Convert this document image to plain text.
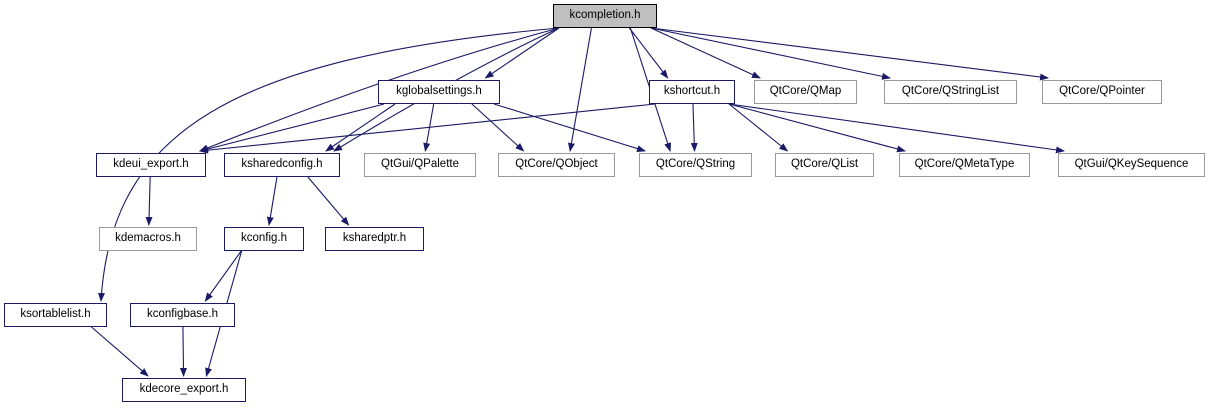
kcompletion.h
kglobalsettings.h	kshortcut.h	QtCore/QMap	QtCore/QStringList	QtCore/QPointer
kdeui_export.h	ksharedconfig.h	QtGui/QPalette	QtCore/QObject	QtCore/QString	QtCore/QList	QtCore/QMetaType	QtGui/QKeySequence
kdemacros.h	kconfig.h	ksharedptr.h
ksortablelist.h	kconfigbase.h
kdecore_export.h
